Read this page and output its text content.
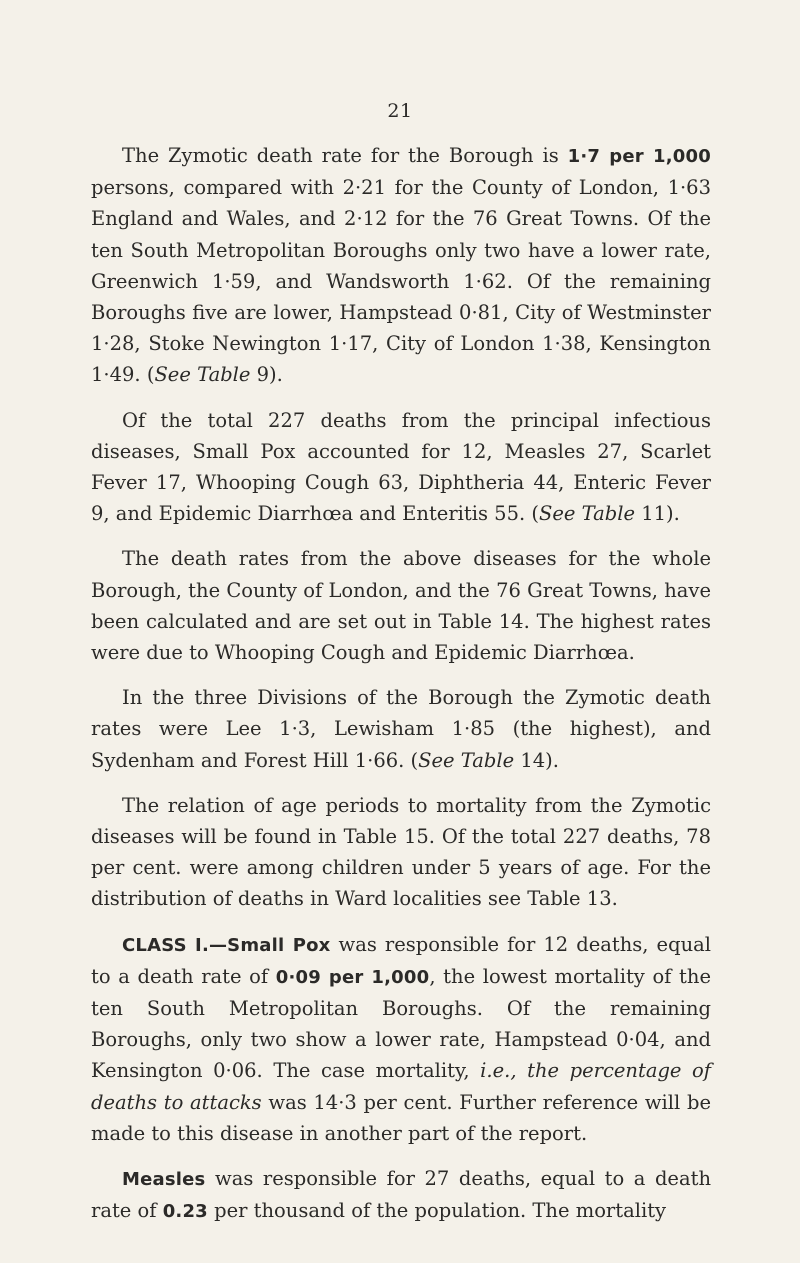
21

The Zymotic death rate for the Borough is 1·7 per 1,000 persons, compared with 2·21 for the County of London, 1·63 England and Wales, and 2·12 for the 76 Great Towns. Of the ten South Metropolitan Boroughs only two have a lower rate, Greenwich 1·59, and Wandsworth 1·62. Of the remaining Boroughs five are lower, Hampstead 0·81, City of Westminster 1·28, Stoke Newington 1·17, City of London 1·38, Kensington 1·49. (See Table 9).

Of the total 227 deaths from the principal infectious diseases, Small Pox accounted for 12, Measles 27, Scarlet Fever 17, Whooping Cough 63, Diphtheria 44, Enteric Fever 9, and Epidemic Diarrhœa and Enteritis 55. (See Table 11).

The death rates from the above diseases for the whole Borough, the County of London, and the 76 Great Towns, have been calculated and are set out in Table 14. The highest rates were due to Whooping Cough and Epidemic Diarrhœa.

In the three Divisions of the Borough the Zymotic death rates were Lee 1·3, Lewisham 1·85 (the highest), and Sydenham and Forest Hill 1·66. (See Table 14).

The relation of age periods to mortality from the Zymotic diseases will be found in Table 15. Of the total 227 deaths, 78 per cent. were among children under 5 years of age. For the distribution of deaths in Ward localities see Table 13.

CLASS I.—Small Pox was responsible for 12 deaths, equal to a death rate of 0·09 per 1,000, the lowest mortality of the ten South Metropolitan Boroughs. Of the remaining Boroughs, only two show a lower rate, Hampstead 0·04, and Kensington 0·06. The case mortality, i.e., the percentage of deaths to attacks was 14·3 per cent. Further reference will be made to this disease in another part of the report.

Measles was responsible for 27 deaths, equal to a death rate of 0.23 per thousand of the population. The mortality
